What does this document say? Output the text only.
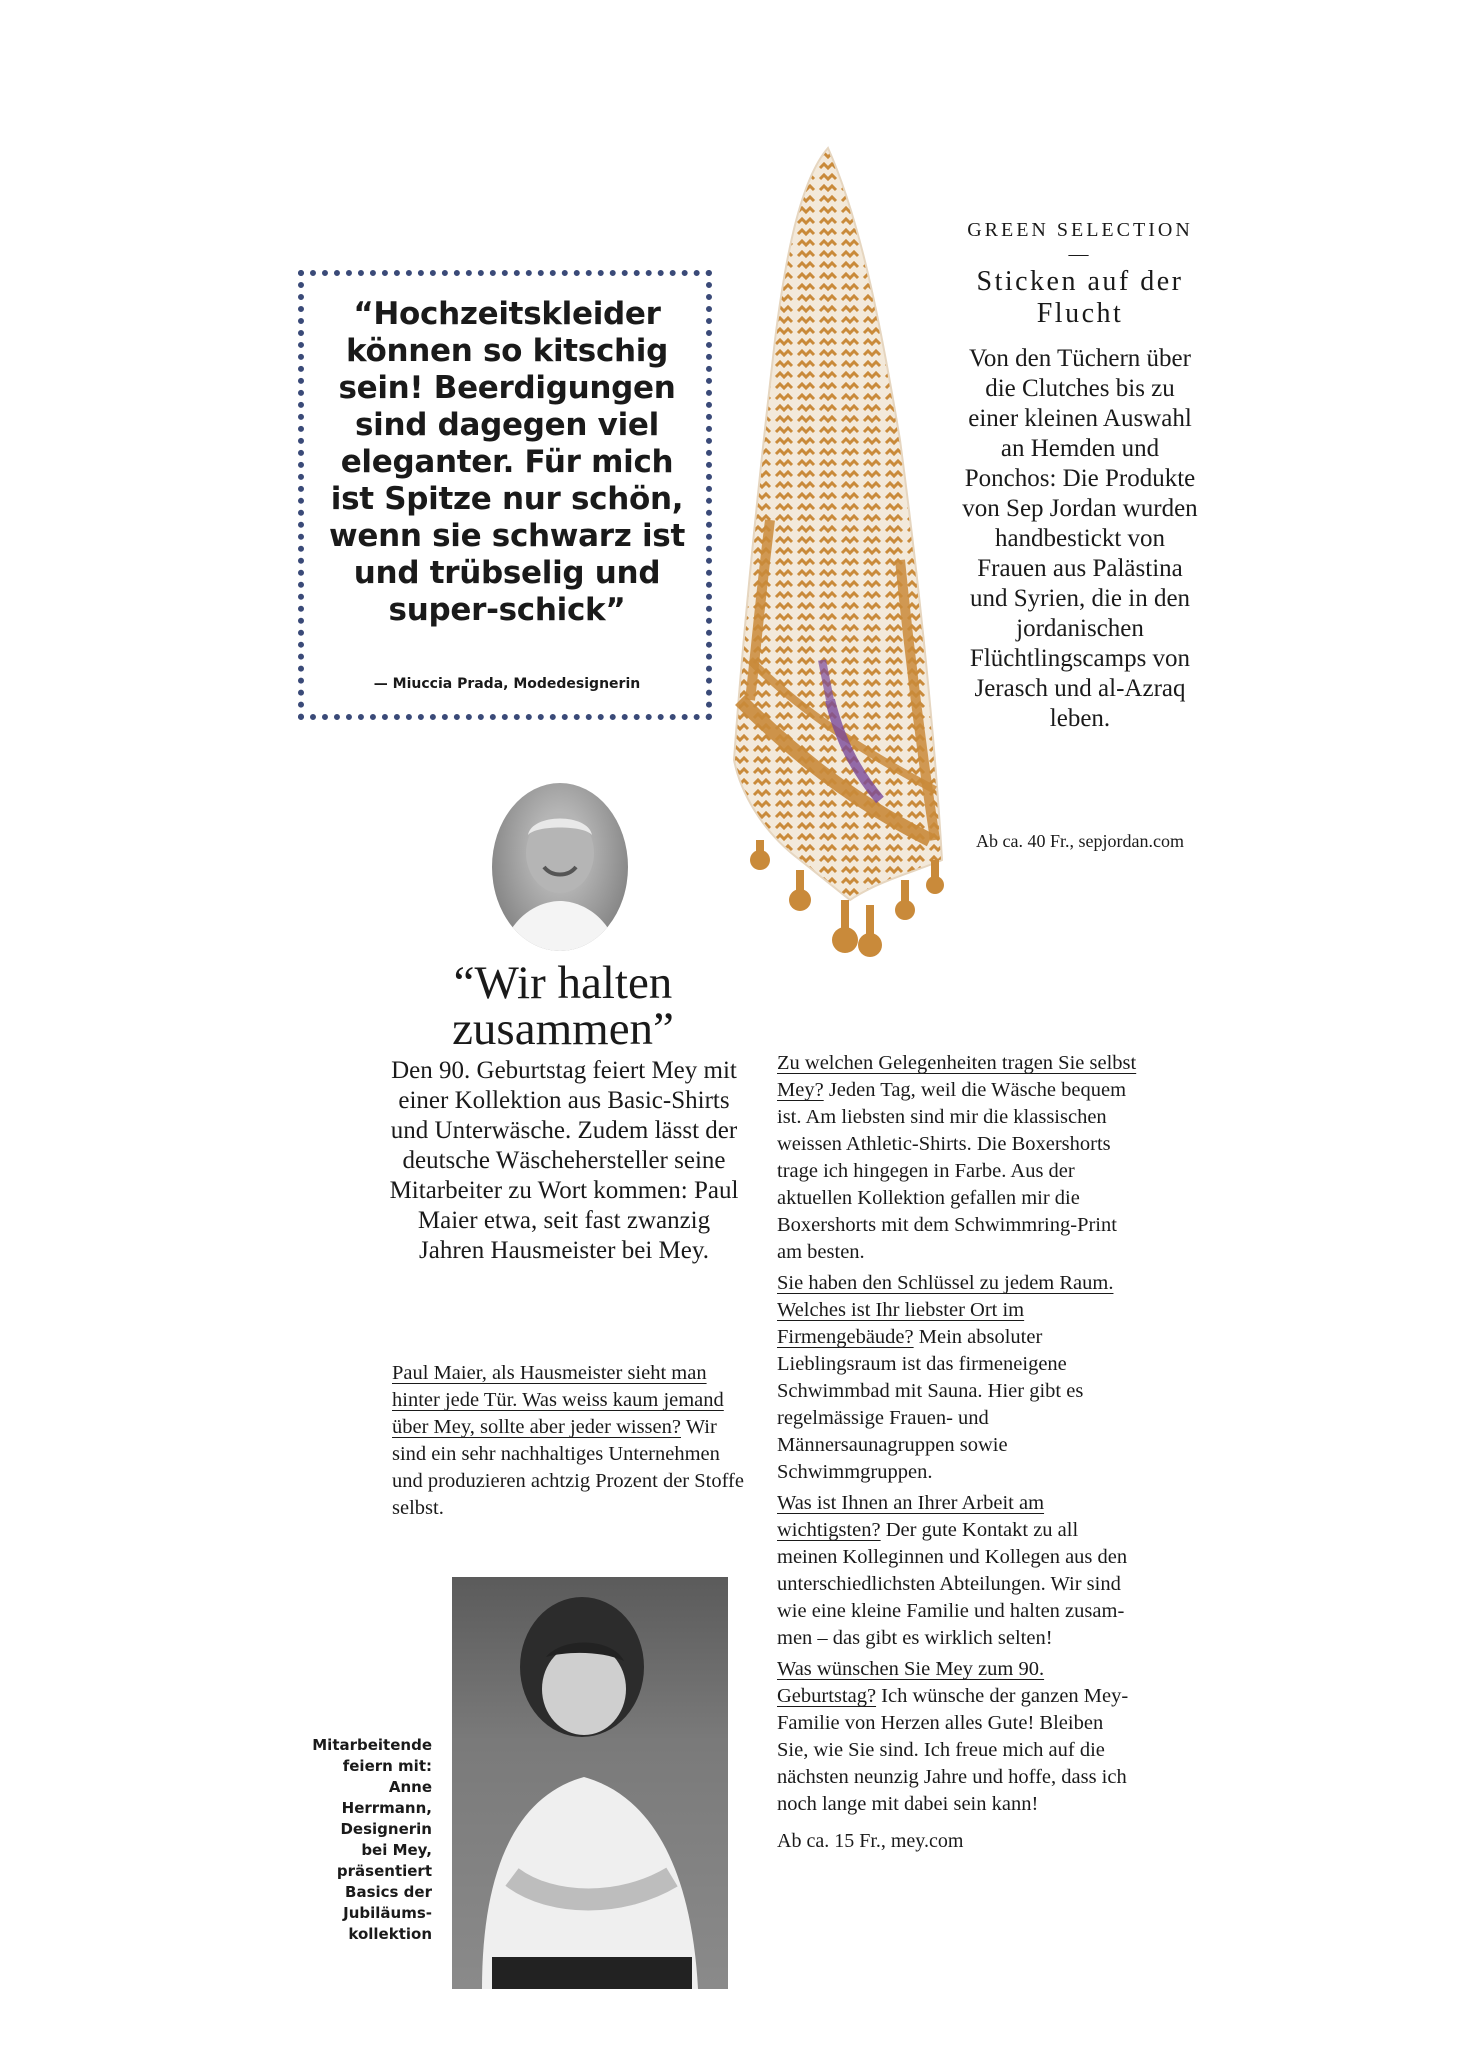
“Hochzeitskleider können so kitschig sein! Beerdigungen sind dagegen viel eleganter. Für mich ist Spitze nur schön, wenn sie schwarz ist und trübselig und super-schick”
— Miuccia Prada, Modedesignerin
GREEN SELECTION —
Sticken auf der Flucht
Von den Tüchern über die Clutches bis zu einer kleinen Auswahl an Hemden und Ponchos: Die Produkte von Sep Jordan wurden handbestickt von Frauen aus Palästina und Syrien, die in den jordanischen Flüchtlingscamps von Jerasch und al-Azraq leben.
Ab ca. 40 Fr., sepjordan.com
“Wir halten zusammen”
Den 90. Geburtstag feiert Mey mit einer Kollektion aus Basic-Shirts und Unterwäsche. Zudem lässt der deutsche Wäschehersteller seine Mitarbeiter zu Wort kommen: Paul Maier etwa, seit fast zwanzig Jahren Hausmeister bei Mey.

Paul Maier, als Hausmeister sieht man hinter jede Tür. Was weiss kaum jemand über Mey, sollte aber jeder wissen? Wir sind ein sehr nachhaltiges Unternehmen und produzieren achtzig Prozent der Stoffe selbst.

Zu welchen Gelegenheiten tragen Sie selbst Mey? Jeden Tag, weil die Wäsche bequem ist. Am liebsten sind mir die klassischen weissen Athletic-Shirts. Die Boxershorts trage ich hingegen in Farbe. Aus der aktuellen Kollektion gefallen mir die Boxershorts mit dem Schwimmring-Print am besten.

Sie haben den Schlüssel zu jedem Raum. Welches ist Ihr liebster Ort im Firmengebäude? Mein absoluter Lieblingsraum ist das firmeneigene Schwimmbad mit Sauna. Hier gibt es regelmässige Frauen- und Männersaunagruppen sowie Schwimmgruppen.

Was ist Ihnen an Ihrer Arbeit am wichtigsten? Der gute Kontakt zu all meinen Kolleginnen und Kollegen aus den unterschiedlichsten Abteilungen. Wir sind wie eine kleine Familie und halten zusammen – das gibt es wirklich selten!

Was wünschen Sie Mey zum 90. Geburtstag? Ich wünsche der ganzen Mey-Familie von Herzen alles Gute! Bleiben Sie, wie Sie sind. Ich freue mich auf die nächsten neunzig Jahre und hoffe, dass ich noch lange mit dabei sein kann!

Ab ca. 15 Fr., mey.com
Mitarbeitende feiern mit: Anne Herrmann, Designerin bei Mey, präsentiert Basics der Jubiläumskollektion
